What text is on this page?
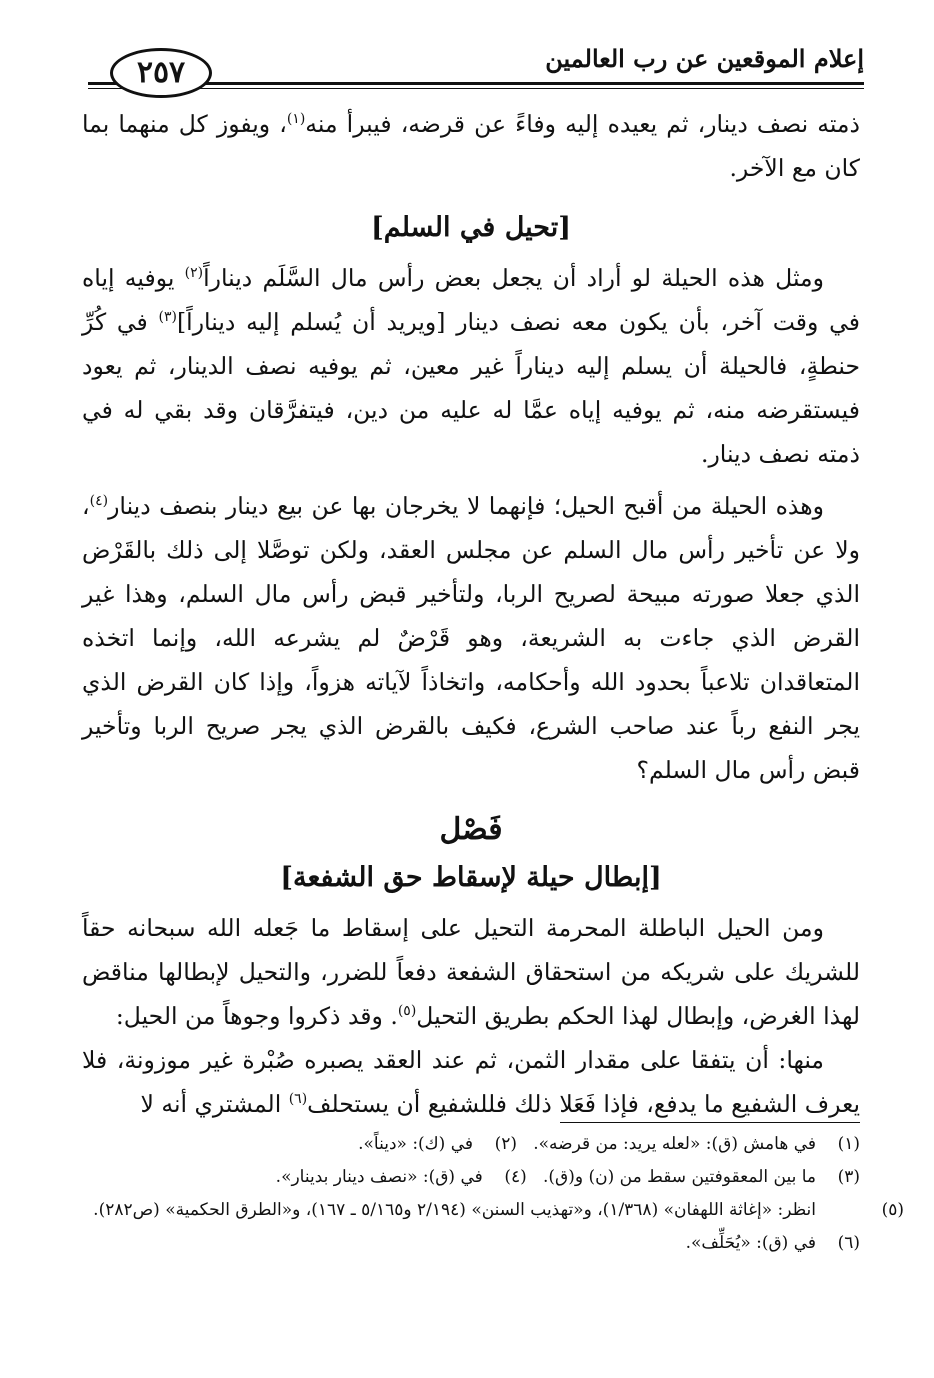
إعلام الموقعين عن رب العالمين
٢٥٧

ذمته نصف دينار، ثم يعيده إليه وفاءً عن قرضه، فيبرأ منه$^{(١)}$، ويفوز كل منهما بما كان مع الآخر.

[تحيل في السلم]

ومثل هذه الحيلة لو أراد أن يجعل بعض رأس مال السَّلَم ديناراً$^{(٢)}$ يوفيه إياه في وقت آخر، بأن يكون معه نصف دينار [ويريد أن يُسلم إليه ديناراً]$^{(٣)}$ في كُرِّ حنطةٍ، فالحيلة أن يسلم إليه ديناراً غير معين، ثم يوفيه نصف الدينار، ثم يعود فيستقرضه منه، ثم يوفيه إياه عمَّا له عليه من دين، فيتفرَّقان وقد بقي له في ذمته نصف دينار.

وهذه الحيلة من أقبح الحيل؛ فإنهما لا يخرجان بها عن بيع دينار بنصف دينار$^{(٤)}$، ولا عن تأخير رأس مال السلم عن مجلس العقد، ولكن توصَّلا إلى ذلك بالقَرْض الذي جعلا صورته مبيحة لصريح الربا، ولتأخير قبض رأس مال السلم، وهذا غير القرض الذي جاءت به الشريعة، وهو قَرْضٌ لم يشرعه الله، وإنما اتخذه المتعاقدان تلاعباً بحدود الله وأحكامه، واتخاذاً لآياته هزواً، وإذا كان القرض الذي يجر النفع رباً عند صاحب الشرع، فكيف بالقرض الذي يجر صريح الربا وتأخير قبض رأس مال السلم؟

فَصْل
[إبطال حيلة لإسقاط حق الشفعة]

ومن الحيل الباطلة المحرمة التحيل على إسقاط ما جَعله الله سبحانه حقاً للشريك على شريكه من استحقاق الشفعة دفعاً للضرر، والتحيل لإبطالها مناقض لهذا الغرض، وإبطال لهذا الحكم بطريق التحيل$^{(٥)}$. وقد ذكروا وجوهاً من الحيل:

منها: أن يتفقا على مقدار الثمن، ثم عند العقد يصبره صُبْرة غير موزونة، فلا يعرف الشفيع ما يدفع، فإذا فَعَلا ذلك فللشفيع أن يستحلف$^{(٦)}$ المشتري أنه لا

(١)في هامش (ق): «لعله يريد: من قرضه».   (٢)في (ك): «ديناً».

(٣)ما بين المعقوفتين سقط من (ن) و(ق).   (٤)في (ق): «نصف دينار بدينار».

(٥)انظر: «إغاثة اللهفان» (١/٣٦٨)، و«تهذيب السنن» (٢/١٩٤ و٥/١٦٥ ـ ١٦٧)، و«الطرق الحكمية» (ص٢٨٢).

(٦)في (ق): «يُحَلِّف».
